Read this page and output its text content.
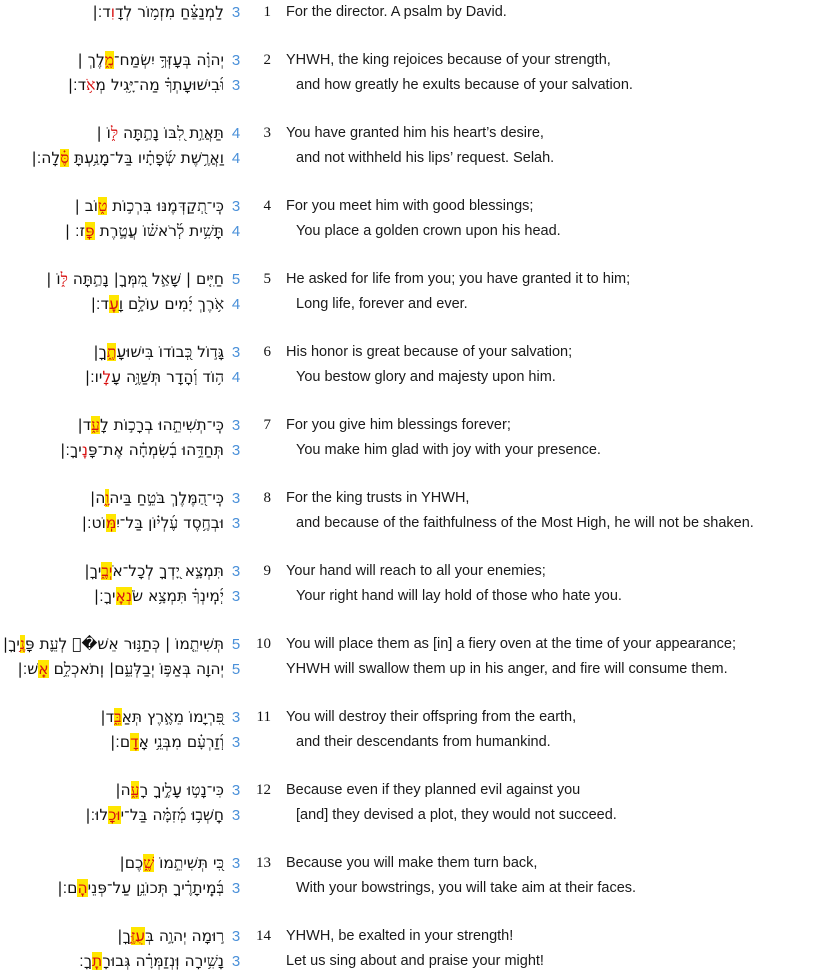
לַמְנַצֵּ֗חַ מִזְמ֥וֹר לְדָוִד׃|	3	1	For the director. A psalm by David.

יְהוָ֗ה בְּעָזְּךָ֥ יִשְׂמַח־מֶ֑לֶךְ |	3	2	YHWH, the king rejoices because of your strength,
וּ֜בִישׁוּעָתְךָ֗ מַה־יָּ֥גִיל מְאֹ֥ד׃|	3		and how greatly he exults because of your salvation.

תַּאֲוַ֣ת לִ֭בּוֹ נָתַ֣תָּה לּ֑וֹ |	4	3	You have granted him his heart’s desire,
וַאֲרֶ֥שֶׁת שְׂ֜פָתָ֗יו בַּל־מָנַ֥עְתָּ סֶּ֗לָה׃|	4		and not withheld his lips’ request. Selah.

כִּֽי־תְ֭קַדְּמֶנּוּ בִּרְכ֣וֹת ט֑וֹב |	3	4	For you meet him with good blessings;
תָּשִׁ֥ית לְ֜רֹאשׁ֗וֹ עֲטֶ֣רֶת פָּֽז׃ |	4		You place a golden crown upon his head.

חַיִּ֤ים | שָׁאַ֣ל מִ֭מְּךָ| נָתַ֣תָּה לּ֑וֹ |	5	5	He asked for life from you; you have granted it to him;
אֹ֥רֶךְ יָ֜מִים עוֹלָ֥ם וָעֶֽד׃|	4		Long life, forever and ever.

גָּד֣וֹל כְּ֭בוֹדוֹ בִּישׁוּעָתֶ֑ךָ|	3	6	His honor is great because of your salvation;
ה֥וֹד וְ֜הָדָר תְּשַׁוֶּ֥ה עָלָֽיו׃|	4		You bestow glory and majesty upon him.

כִּֽי־תְשִׁיתֵ֣הוּ בְרָכ֣וֹת לָעַ֑ד|	3	7	For you give him blessings forever;
תְּחַדֵּ֥הוּ בְ֜שִׂמְחָ֗ה אֶת־פָּנֶֽיךָ׃|	3		You make him glad with joy with your presence.

כִּֽי־הַ֭מֶּלֶךְ בֹּטֵ֣חַ בַּיהוָ֑ה|	3	8	For the king trusts in YHWH,
וּבְחֶ֥סֶד עֶ֜לְי֗וֹן בַּל־יִמּֽוֹט׃|	3		and because of the faithfulness of the Most High, he will not be shaken.

תִּמְצָ֣א יָ֭דְךָ לְכָל־אֹיְבֶ֑יךָ|	3	9	Your hand will reach to all your enemies;
יְ֜מִֽינְךָ֗ תִּמְצָ֥א שֹׂנְאֶֽיךָ׃|	3		Your right hand will lay hold of those who hate you.

תְּשִׁיתֵ֤מוֹ | כְּתַנּ֥וּר אֵשׁ�ּ֮ לְעֵ֪ת פָּנֶ֥יךָ|	5	10	You will place them as [in] a fiery oven at the time of your appearance;
יְהוָה בְּאַפּ֣וֹ יְבַלְּעֵ֑ם| וְֽתֹאכְלֵ֥ם אֵֽשׁ׃|	5		YHWH will swallow them up in his anger, and fire will consume them.

פִּ֭רְיָמוֹ מֵאֶ֣רֶץ תְּאַבֵּ֑ד|	3	11	You will destroy their offspring from the earth,
וְ֜זַרְעָ֗ם מִבְּנֵ֥י אָדָֽם׃|	3		and their descendants from humankind.

כִּי־נָט֣וּ עָלֶ֣יךָ רָעָ֑ה|	3	12	Because even if they planned evil against you
חָֽשְׁב֥וּ מְ֜זִמָּ֗ה בַּל־יוּכָֽלוּ׃|	3		[and] they devised a plot, they would not succeed.

כִּ֭י תְּשִׁיתֵ֣מוֹ שֶׁ֑כֶם|	3	13	Because you will make them turn back,
בְּ֜מֵֽיתָרֶ֗יךָ תְּכוֹנֵ֥ן עַל־פְּנֵיהֶֽם׃|	3		With your bowstrings, you will take aim at their faces.

ר֣וּמָה יְהוָ֣ה בְּעֻזֶּ֑ךָ|	3	14	YHWH, be exalted in your strength!
נָשִׁ֥ירָה וּֽנְזַמְּרָ֗ה גְּבוּרָתֶֽךָ׃	3		Let us sing about and praise your might!
